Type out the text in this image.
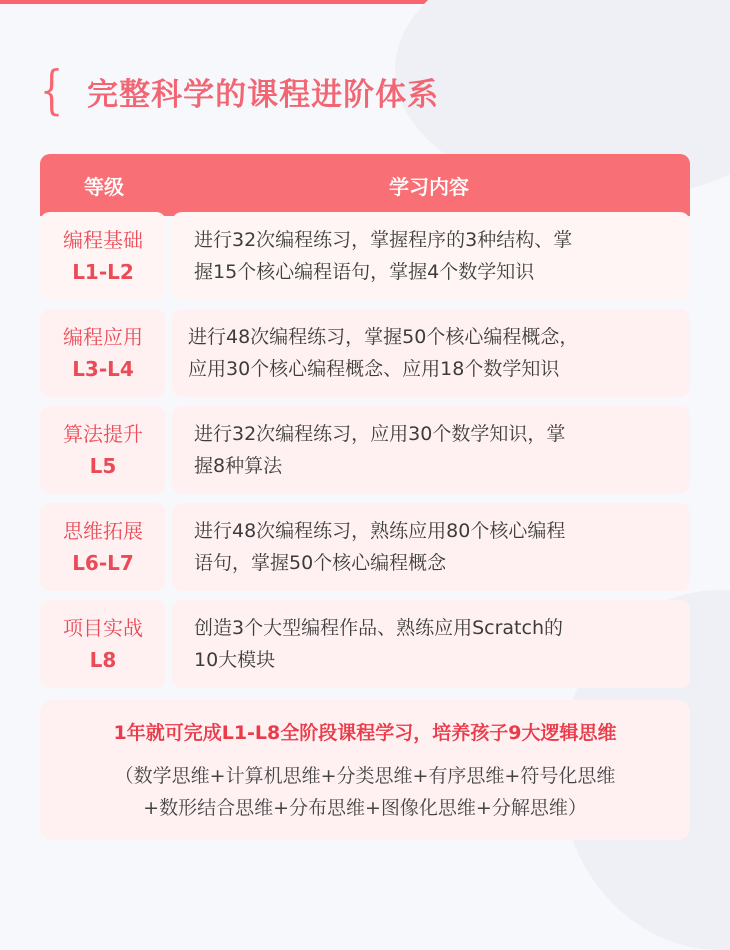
{ 完整科学的课程进阶体系
等级	学习内容
编程基础
L1-L2
进行32次编程练习，掌握程序的3种结构、掌
握15个核心编程语句，掌握4个数学知识
编程应用
L3-L4
进行48次编程练习，掌握50个核心编程概念，
应用30个核心编程概念、应用18个数学知识
算法提升
L5
进行32次编程练习，应用30个数学知识，掌
握8种算法
思维拓展
L6-L7
进行48次编程练习，熟练应用80个核心编程
语句，掌握50个核心编程概念
项目实战
L8
创造3个大型编程作品、熟练应用Scratch的
10大模块
1年就可完成L1-L8全阶段课程学习，培养孩子9大逻辑思维
（数学思维+计算机思维+分类思维+有序思维+符号化思维
+数形结合思维+分布思维+图像化思维+分解思维）
